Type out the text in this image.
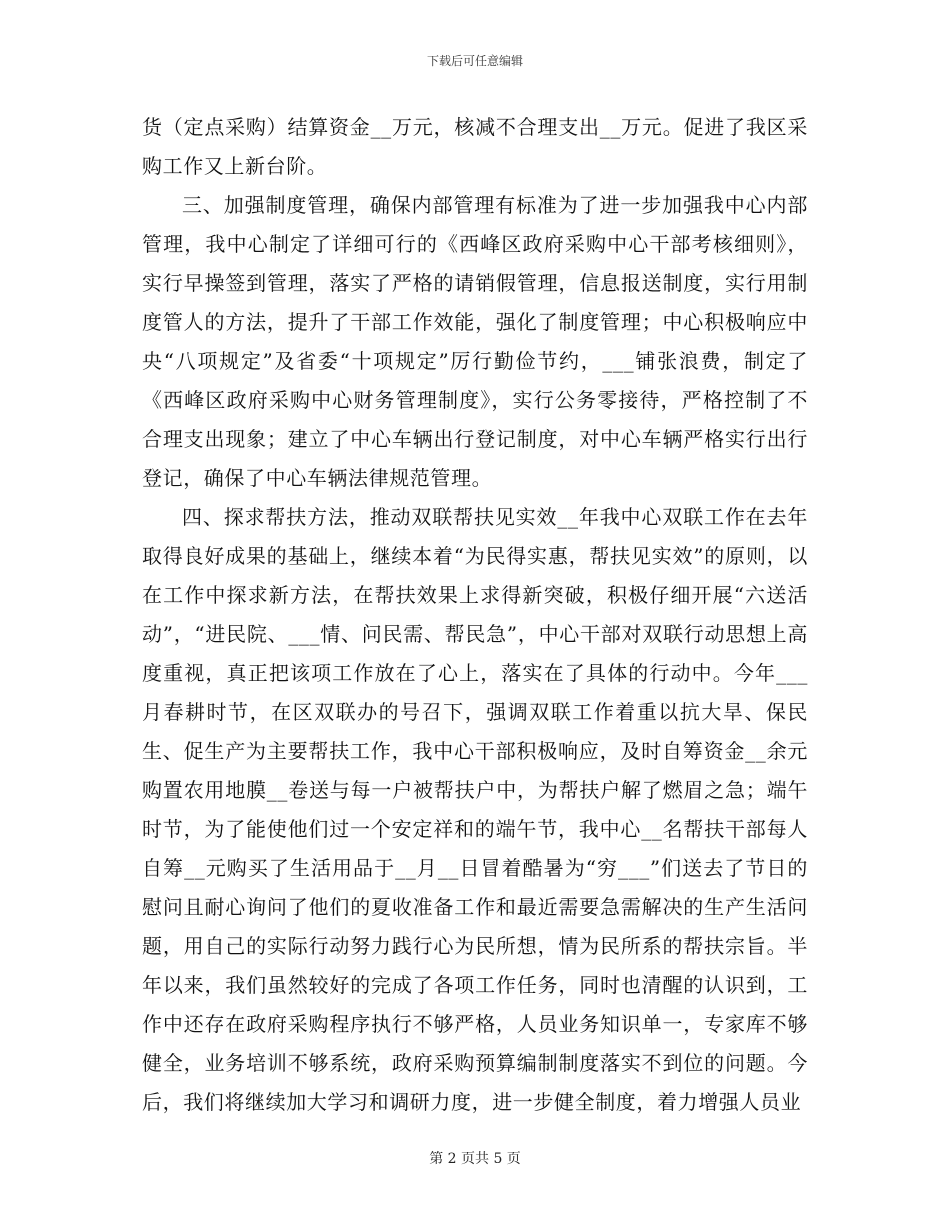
下载后可任意编辑

货（定点采购）结算资金__万元，核减不合理支出__万元。促进了我区采购工作又上新台阶。

三、加强制度管理，确保内部管理有标准为了进一步加强我中心内部管理，我中心制定了详细可行的《西峰区政府采购中心干部考核细则》，实行早操签到管理，落实了严格的请销假管理，信息报送制度，实行用制度管人的方法，提升了干部工作效能，强化了制度管理；中心积极响应中央“八项规定”及省委“十项规定”厉行勤俭节约，___铺张浪费，制定了《西峰区政府采购中心财务管理制度》，实行公务零接待，严格控制了不合理支出现象；建立了中心车辆出行登记制度，对中心车辆严格实行出行登记，确保了中心车辆法律规范管理。

四、探求帮扶方法，推动双联帮扶见实效__年我中心双联工作在去年取得良好成果的基础上，继续本着“为民得实惠，帮扶见实效”的原则，以在工作中探求新方法，在帮扶效果上求得新突破，积极仔细开展“六送活动”，“进民院、___情、问民需、帮民急”，中心干部对双联行动思想上高度重视，真正把该项工作放在了心上，落实在了具体的行动中。今年___月春耕时节，在区双联办的号召下，强调双联工作着重以抗大旱、保民生、促生产为主要帮扶工作，我中心干部积极响应，及时自筹资金__余元购置农用地膜__卷送与每一户被帮扶户中，为帮扶户解了燃眉之急；端午时节，为了能使他们过一个安定祥和的端午节，我中心__名帮扶干部每人自筹__元购买了生活用品于__月__日冒着酷暑为“穷___”们送去了节日的慰问且耐心询问了他们的夏收准备工作和最近需要急需解决的生产生活问题，用自己的实际行动努力践行心为民所想，情为民所系的帮扶宗旨。半年以来，我们虽然较好的完成了各项工作任务，同时也清醒的认识到，工作中还存在政府采购程序执行不够严格，人员业务知识单一，专家库不够健全，业务培训不够系统，政府采购预算编制制度落实不到位的问题。今后，我们将继续加大学习和调研力度，进一步健全制度，着力增强人员业

第 2 页共 5 页
